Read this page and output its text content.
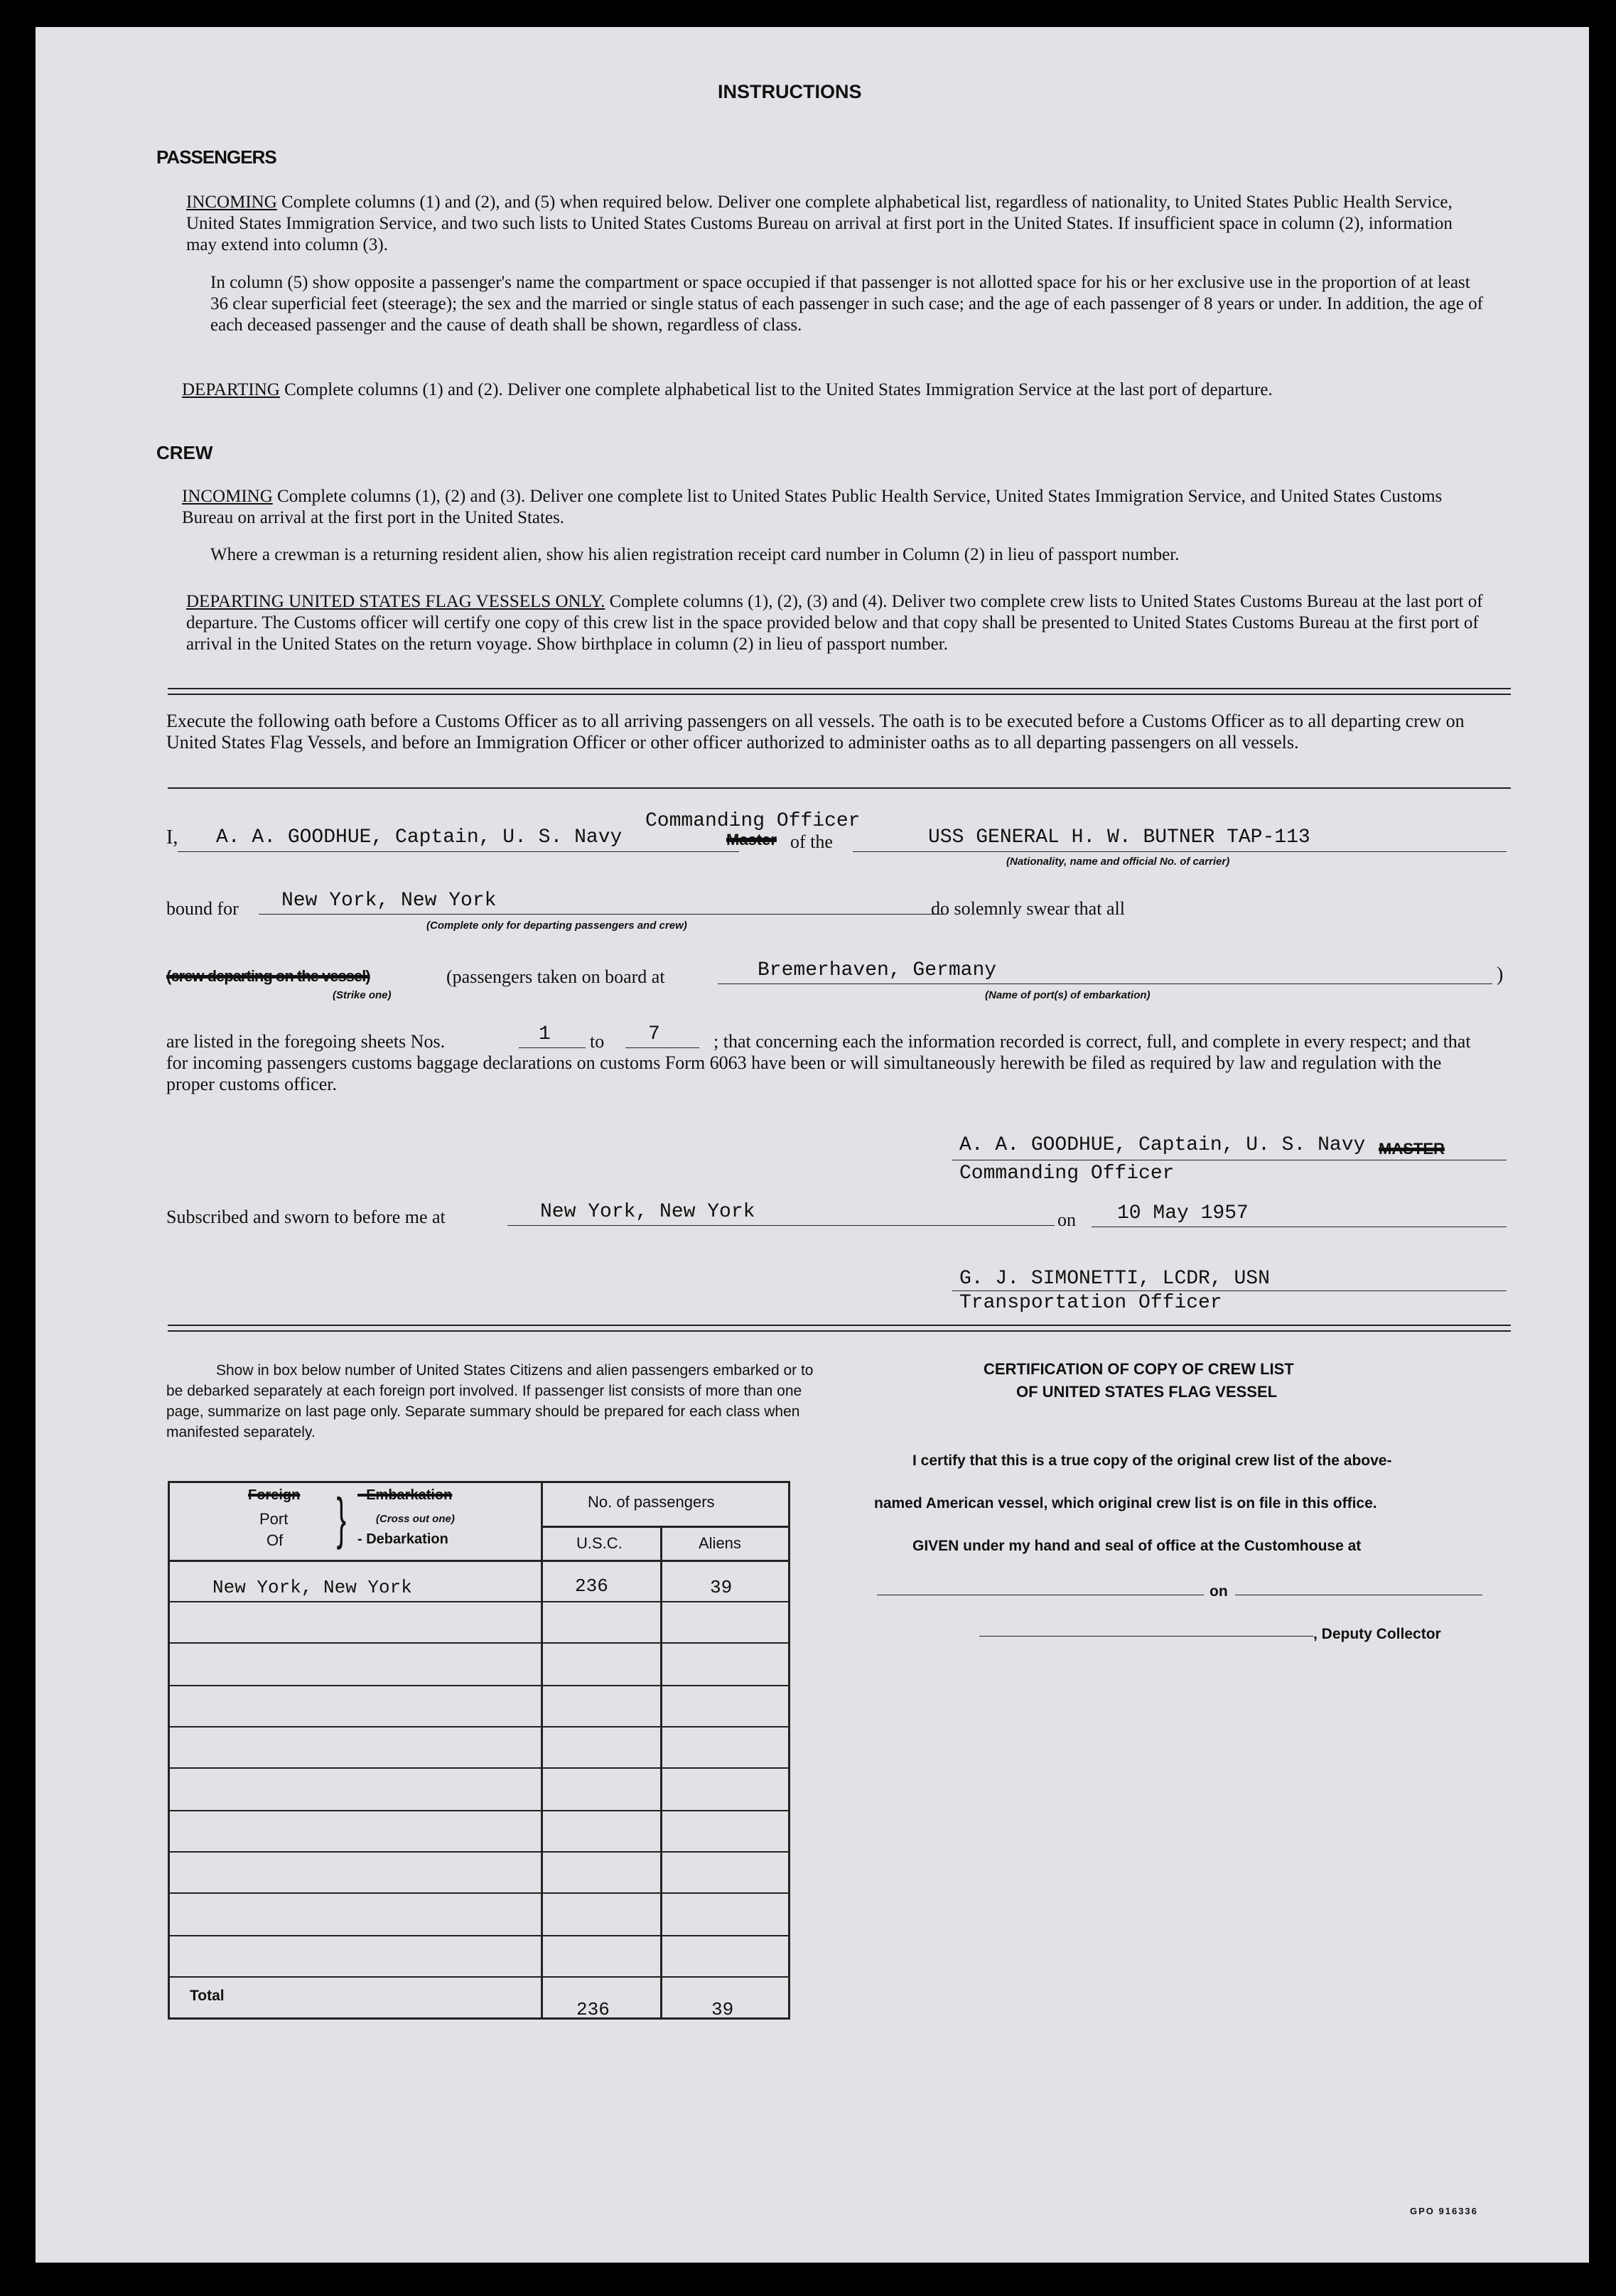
INSTRUCTIONS
PASSENGERS
INCOMING Complete columns (1) and (2), and (5) when required below. Deliver one complete alphabetical list, regardless of nationality, to United States Public Health Service, United States Immigration Service, and two such lists to United States Customs Bureau on arrival at first port in the United States. If insufficient space in column (2), information may extend into column (3).
In column (5) show opposite a passenger's name the compartment or space occupied if that passenger is not allotted space for his or her exclusive use in the proportion of at least 36 clear superficial feet (steerage); the sex and the married or single status of each passenger in such case; and the age of each passenger of 8 years or under. In addition, the age of each deceased passenger and the cause of death shall be shown, regardless of class.
DEPARTING Complete columns (1) and (2). Deliver one complete alphabetical list to the United States Immigration Service at the last port of departure.
CREW
INCOMING Complete columns (1), (2) and (3). Deliver one complete list to United States Public Health Service, United States Immigration Service, and United States Customs Bureau on arrival at the first port in the United States.
Where a crewman is a returning resident alien, show his alien registration receipt card number in Column (2) in lieu of passport number.
DEPARTING UNITED STATES FLAG VESSELS ONLY. Complete columns (1), (2), (3) and (4). Deliver two complete crew lists to United States Customs Bureau at the last port of departure. The Customs officer will certify one copy of this crew list in the space provided below and that copy shall be presented to United States Customs Bureau at the first port of arrival in the United States on the return voyage. Show birthplace in column (2) in lieu of passport number.
Execute the following oath before a Customs Officer as to all arriving passengers on all vessels. The oath is to be executed before a Customs Officer as to all departing crew on United States Flag Vessels, and before an Immigration Officer or other officer authorized to administer oaths as to all departing passengers on all vessels.
I, A. A. GOODHUE, Captain, U. S. Navy
Commanding Officer
Master of the	USS GENERAL H. W. BUTNER TAP-113
(Nationality, name and official No. of carrier)
bound for New York, New York
(Complete only for departing passengers and crew)
do solemnly swear that all
(crew departing on the vessel)	(passengers taken on board at
(Strike one)
Bremerhaven, Germany
(Name of port(s) of embarkation)
)
are listed in the foregoing sheets Nos.	1 to 7	; that concerning each the information recorded is correct, full, and complete in every respect; and that for incoming passengers customs baggage declarations on customs Form 6063 have been or will simultaneously herewith be filed as required by law and regulation with the proper customs officer.
A. A. GOODHUE, Captain, U. S. Navy MASTER
Commanding Officer
Subscribed and sworn to before me at	New York, New York	on 10 May 1957
G. J. SIMONETTI, LCDR, USN
Transportation Officer
Show in box below number of United States Citizens and alien passengers embarked or to be debarked separately at each foreign port involved. If passenger list consists of more than one page, summarize on last page only. Separate summary should be prepared for each class when manifested separately.
Foreign
Port
Of } - Embarkation
(Cross out one)
- Debarkation
No. of passengers
U.S.C.	Aliens
New York, New York	236	39
Total
236	39
CERTIFICATION OF COPY OF CREW LIST
OF UNITED STATES FLAG VESSEL
I certify that this is a true copy of the original crew list of the above-
named American vessel, which original crew list is on file in this office.
GIVEN under my hand and seal of office at the Customhouse at
on
, Deputy Collector
GPO 916336
